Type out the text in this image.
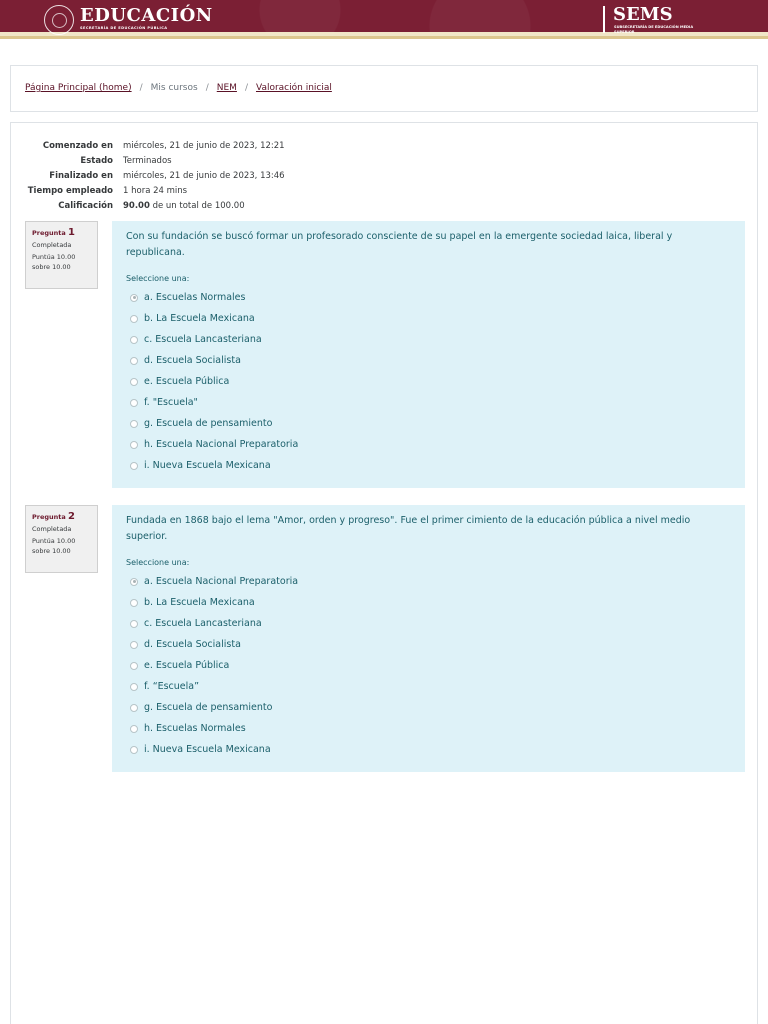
EDUCACIÓN
SECRETARÍA DE EDUCACIÓN PÚBLICA
SEMS
SUBSECRETARÍA DE EDUCACIÓN MEDIA SUPERIOR
Página Principal (home) / Mis cursos / NEM / Valoración inicial
Comenzado en	miércoles, 21 de junio de 2023, 12:21
Estado	Terminados
Finalizado en	miércoles, 21 de junio de 2023, 13:46
Tiempo empleado	1 hora 24 mins
Calificación	90.00 de un total de 100.00
Pregunta 1
Completada
Puntúa 10.00
sobre 10.00
Con su fundación se buscó formar un profesorado consciente de su papel en la emergente sociedad laica, liberal y republicana.
Seleccione una:
a. Escuelas Normales
b. La Escuela Mexicana
c. Escuela Lancasteriana
d. Escuela Socialista
e. Escuela Pública
f. "Escuela"
g. Escuela de pensamiento
h. Escuela Nacional Preparatoria
i. Nueva Escuela Mexicana
Pregunta 2
Completada
Puntúa 10.00
sobre 10.00
Fundada en 1868 bajo el lema "Amor, orden y progreso". Fue el primer cimiento de la educación pública a nivel medio superior.
Seleccione una:
a. Escuela Nacional Preparatoria
b. La Escuela Mexicana
c. Escuela Lancasteriana
d. Escuela Socialista
e. Escuela Pública
f. “Escuela”
g. Escuela de pensamiento
h. Escuelas Normales
i. Nueva Escuela Mexicana
